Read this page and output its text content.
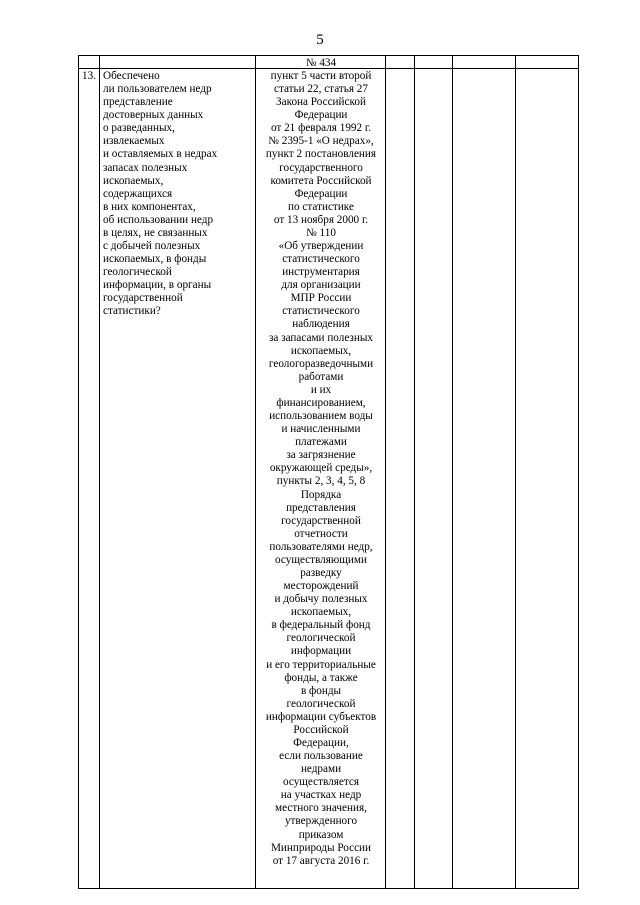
5
№ 434
13. Обеспечено
ли пользователем недр
представление
достоверных данных
о разведанных,
извлекаемых
и оставляемых в недрах
запасах полезных
ископаемых,
содержащихся
в них компонентах,
об использовании недр
в целях, не связанных
с добычей полезных
ископаемых, в фонды
геологической
информации, в органы
государственной
статистики?
пункт 5 части второй
статьи 22, статья 27
Закона Российской
Федерации
от 21 февраля 1992 г.
№ 2395-1 «О недрах»,
пункт 2 постановления
государственного
комитета Российской
Федерации
по статистике
от 13 ноября 2000 г.
№ 110
«Об утверждении
статистического
инструментария
для организации
МПР России
статистического
наблюдения
за запасами полезных
ископаемых,
геологоразведочными
работами
и их
финансированием,
использованием воды
и начисленными
платежами
за загрязнение
окружающей среды»,
пункты 2, 3, 4, 5, 8
Порядка
представления
государственной
отчетности
пользователями недр,
осуществляющими
разведку
месторождений
и добычу полезных
ископаемых,
в федеральный фонд
геологической
информации
и его территориальные
фонды, а также
в фонды
геологической
информации субъектов
Российской
Федерации,
если пользование
недрами
осуществляется
на участках недр
местного значения,
утвержденного
приказом
Минприроды России
от 17 августа 2016 г.
